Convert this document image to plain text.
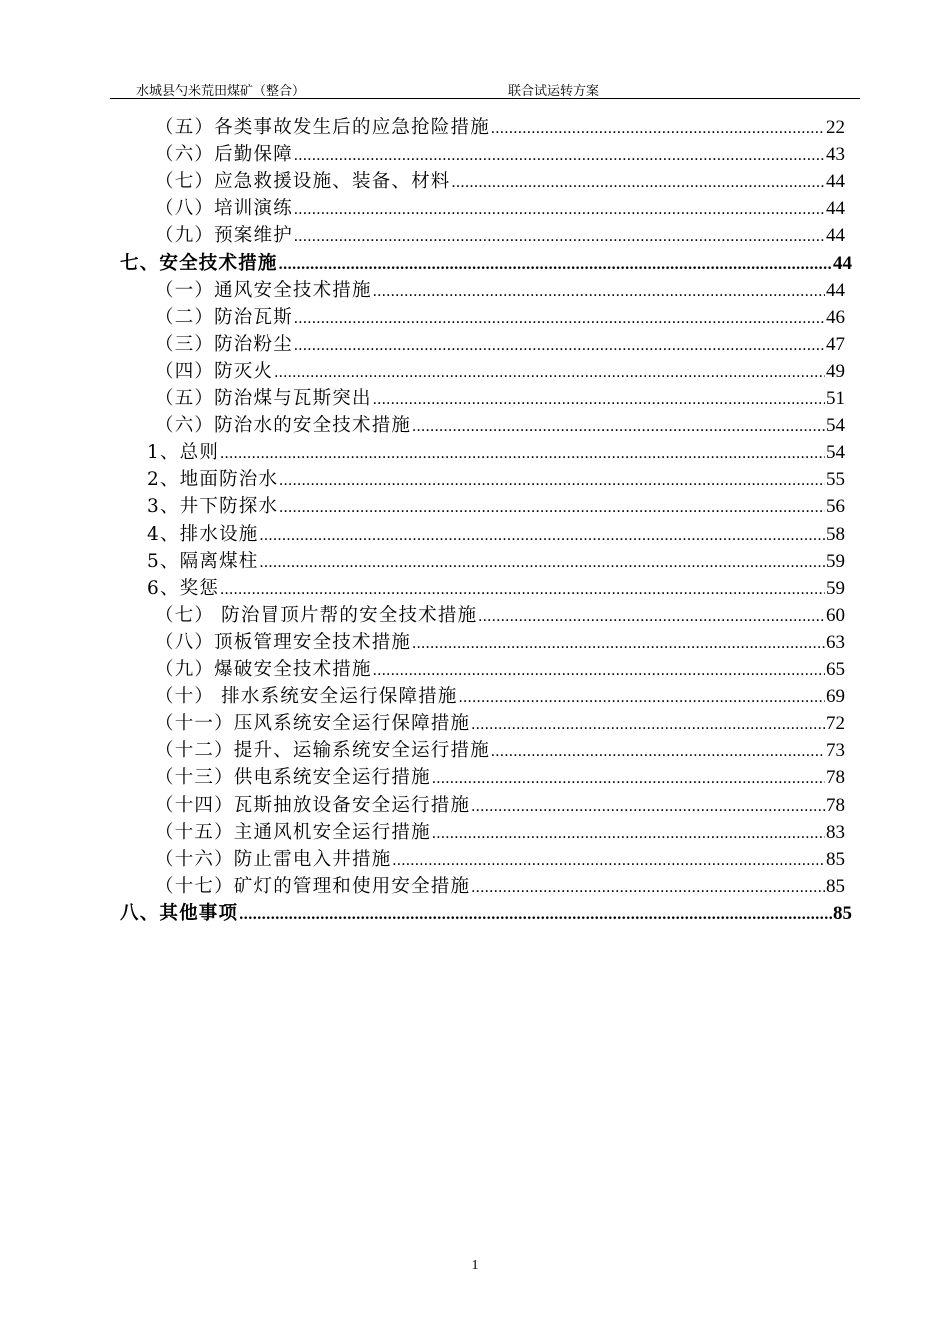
水城县勺米荒田煤矿（整合）	联合试运转方案
（五）各类事故发生后的应急抢险措施 .....	22
（六）后勤保障 .....	43
（七）应急救援设施、装备、材料 .....	44
（八）培训演练 .....	44
（九）预案维护 .....	44
七、安全技术措施 .....	44
（一）通风安全技术措施 .....	44
（二）防治瓦斯 .....	46
（三）防治粉尘 .....	47
（四）防灭火 .....	49
（五）防治煤与瓦斯突出 .....	51
（六）防治水的安全技术措施 .....	54
1、总则 .....	54
2、地面防治水 .....	55
3、井下防探水 .....	56
4、排水设施 .....	58
5、隔离煤柱 .....	59
6、奖惩 .....	59
（七） 防治冒顶片帮的安全技术措施 .....	60
（八）顶板管理安全技术措施 .....	63
（九）爆破安全技术措施 .....	65
（十） 排水系统安全运行保障措施 .....	69
（十一）压风系统安全运行保障措施 .....	72
（十二）提升、运输系统安全运行措施 .....	73
（十三）供电系统安全运行措施 .....	78
（十四）瓦斯抽放设备安全运行措施 .....	78
（十五）主通风机安全运行措施 .....	83
（十六）防止雷电入井措施 .....	85
（十七）矿灯的管理和使用安全措施 .....	85
八、其他事项 .....	85
1
